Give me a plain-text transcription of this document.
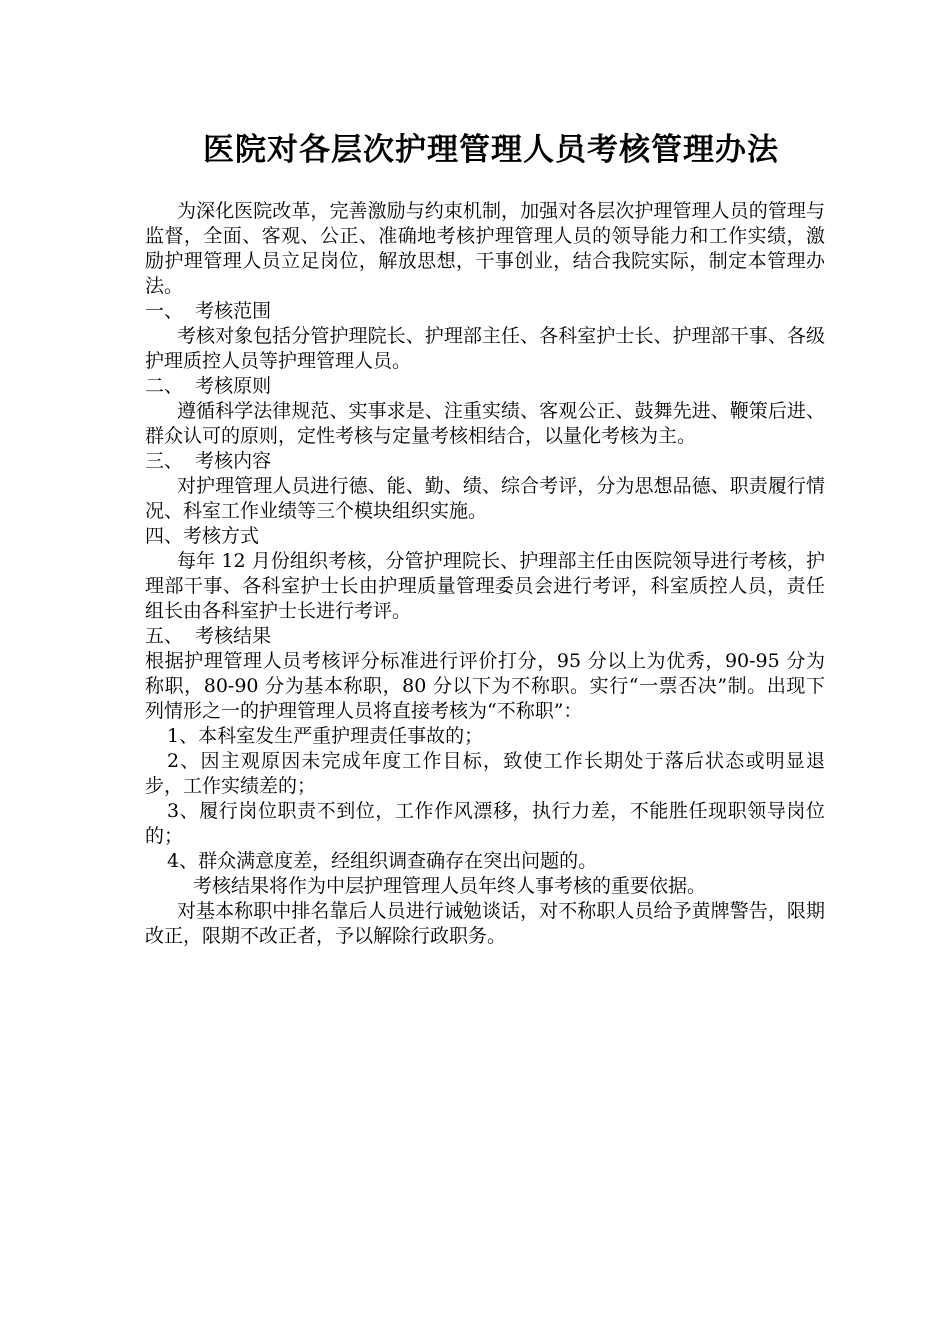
医院对各层次护理管理人员考核管理办法

为深化医院改革，完善激励与约束机制，加强对各层次护理管理人员的管理与监督，全面、客观、公正、准确地考核护理管理人员的领导能力和工作实绩，激励护理管理人员立足岗位，解放思想，干事创业，结合我院实际，制定本管理办法。

一、  考核范围

考核对象包括分管护理院长、护理部主任、各科室护士长、护理部干事、各级护理质控人员等护理管理人员。

二、  考核原则

遵循科学法律规范、实事求是、注重实绩、客观公正、鼓舞先进、鞭策后进、群众认可的原则，定性考核与定量考核相结合，以量化考核为主。

三、  考核内容

对护理管理人员进行德、能、勤、绩、综合考评，分为思想品德、职责履行情况、科室工作业绩等三个模块组织实施。

四、考核方式

每年 12 月份组织考核，分管护理院长、护理部主任由医院领导进行考核，护理部干事、各科室护士长由护理质量管理委员会进行考评，科室质控人员，责任组长由各科室护士长进行考评。

五、  考核结果

根据护理管理人员考核评分标准进行评价打分，95 分以上为优秀，90-95 分为称职，80-90 分为基本称职，80 分以下为不称职。实行“一票否决”制。出现下列情形之一的护理管理人员将直接考核为“不称职”：

1、本科室发生严重护理责任事故的；

2、因主观原因未完成年度工作目标，致使工作长期处于落后状态或明显退步，工作实绩差的；

3、履行岗位职责不到位，工作作风漂移，执行力差，不能胜任现职领导岗位的；

4、群众满意度差，经组织调查确存在突出问题的。

考核结果将作为中层护理管理人员年终人事考核的重要依据。

对基本称职中排名靠后人员进行诫勉谈话，对不称职人员给予黄牌警告，限期改正，限期不改正者，予以解除行政职务。
